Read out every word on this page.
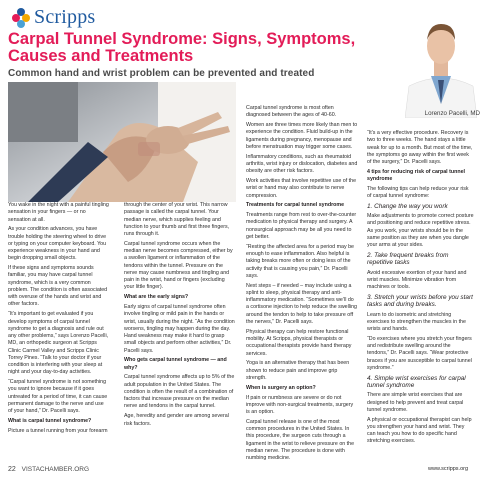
Scripps
Carpal Tunnel Syndrome: Signs, Symptoms, Causes and Treatments
Common hand and wrist problem can be prevented and treated
Lorenzo Pacelli, MD

You wake in the night with a painful tingling sensation in your fingers — or no sensation at all.

As your condition advances, you have trouble holding the steering wheel to drive or typing on your computer keyboard. You experience weakness in your hand and begin dropping small objects.

If these signs and symptoms sounds familiar, you may have carpal tunnel syndrome, which is a very common problem. The condition is often associated with overuse of the hands and wrist and other factors.

“It’s important to get evaluated if you develop symptoms of carpal tunnel syndrome to get a diagnosis and rule out any other problems,” says Lorenzo Pacelli, MD, an orthopedic surgeon at Scripps Clinic Carmel Valley and Scripps Clinic Torrey Pines. “Talk to your doctor if your condition is interfering with your sleep at night and your day-to-day activities.

“Carpal tunnel syndrome is not something you want to ignore because if it goes untreated for a period of time, it can cause permanent damage to the nerve and use of your hand,” Dr. Pacelli says.

What is carpal tunnel syndrome?

Picture a tunnel running from your forearm

through the center of your wrist. This narrow passage is called the carpal tunnel. Your median nerve, which supplies feeling and function to your thumb and first three fingers, runs through it.

Carpal tunnel syndrome occurs when the median nerve becomes compressed, either by a swollen ligament or inflammation of the tendons within the tunnel. Pressure on the nerve may cause numbness and tingling and pain in the wrist, hand or fingers (excluding your little finger).

What are the early signs?

Early signs of carpal tunnel syndrome often involve tingling or mild pain in the hands or wrist, usually during the night. “As the condition worsens, tingling may happen during the day. Hand weakness may make it hard to grasp small objects and perform other activities,” Dr. Pacelli says.

Who gets carpal tunnel syndrome — and why?

Carpal tunnel syndrome affects up to 5% of the adult population in the United States. The condition is often the result of a combination of factors that increase pressure on the median nerve and tendons in the carpal tunnel.

Age, heredity and gender are among several risk factors.

Carpal tunnel syndrome is most often diagnosed between the ages of 40-60.

Women are three times more likely than men to experience the condition. Fluid build-up in the ligaments during pregnancy, menopause and before menstruation may trigger some cases.

Inflammatory conditions, such as rheumatoid arthritis, wrist injury or dislocation, diabetes and obesity are other risk factors.

Work activities that involve repetitive use of the wrist or hand may also contribute to nerve compression.

Treatments for carpal tunnel syndrome

Treatments range from rest to over-the-counter medication to physical therapy and surgery. A nonsurgical approach may be all you need to get better.

“Resting the affected area for a period may be enough to ease inflammation. Also helpful is taking breaks more often or doing less of the activity that is causing you pain,” Dr. Pacelli says.

Next steps – if needed – may include using a splint to sleep, physical therapy and anti-inflammatory medication. “Sometimes we’ll do a cortisone injection to help reduce the swelling around the tendon to help to take pressure off the nerves,” Dr. Pacelli says.

Physical therapy can help restore functional mobility. At Scripps, physical therapists or occupational therapists provide hand therapy services.

Yoga is an alternative therapy that has been shown to reduce pain and improve grip strength.

When is surgery an option?

If pain or numbness are severe or do not improve with non-surgical treatments, surgery is an option.

Carpal tunnel release is one of the most common procedures in the United States. In this procedure, the surgeon cuts through a ligament in the wrist to relieve pressure on the median nerve. The procedure is done with numbing medicine.

“It’s a very effective procedure. Recovery is two to three weeks. The hand stays a little weak for up to a month. But most of the time, the symptoms go away within the first week of the surgery,” Dr. Pacelli says.

4 tips for reducing risk of carpal tunnel syndrome

The following tips can help reduce your risk of carpal tunnel syndrome:

1. Change the way you work

Make adjustments to promote correct posture and positioning and reduce repetitive stress. As you work, your wrists should be in the same position as they are when you dangle your arms at your sides.

2. Take frequent breaks from repetitive tasks

Avoid excessive exertion of your hand and wrist muscles. Minimize vibration from machines or tools.

3. Stretch your wrists before you start tasks and during breaks.

Learn to do isometric and stretching exercises to strengthen the muscles in the wrists and hands.

“Do exercises where you stretch your fingers and redistribute swelling around the tendons,” Dr. Pacelli says. “Wear protective braces if you are susceptible to carpal tunnel syndrome.”

4. Simple wrist exercises for carpal tunnel syndrome

There are simple wrist exercises that are designed to help prevent and treat carpal tunnel syndrome.

A physical or occupational therapist can help you strengthen your hand and wrist. They can teach you how to do specific hand stretching exercises.

22 VISTACHAMBER.ORG	www.scripps.org
